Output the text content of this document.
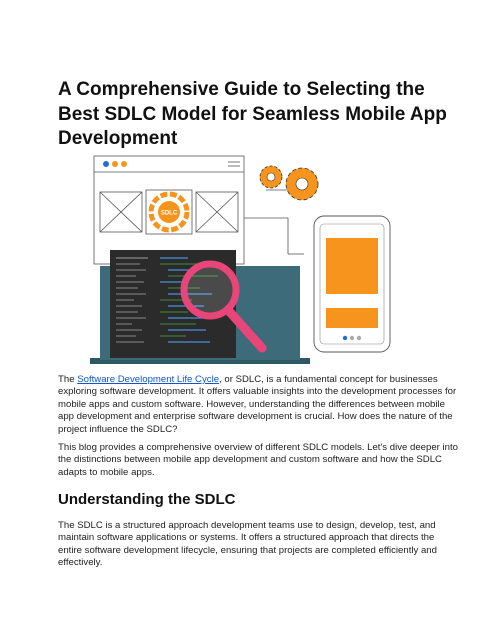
A Comprehensive Guide to Selecting the Best SDLC Model for Seamless Mobile App Development
SDLC

The Software Development Life Cycle, or SDLC, is a fundamental concept for businesses exploring software development. It offers valuable insights into the development processes for mobile apps and custom software. However, understanding the differences between mobile app development and enterprise software development is crucial. How does the nature of the project influence the SDLC?

This blog provides a comprehensive overview of different SDLC models. Let's dive deeper into the distinctions between mobile app development and custom software and how the SDLC adapts to mobile apps.

Understanding the SDLC

The SDLC is a structured approach development teams use to design, develop, test, and maintain software applications or systems. It offers a structured approach that directs the entire software development lifecycle, ensuring that projects are completed efficiently and effectively.
